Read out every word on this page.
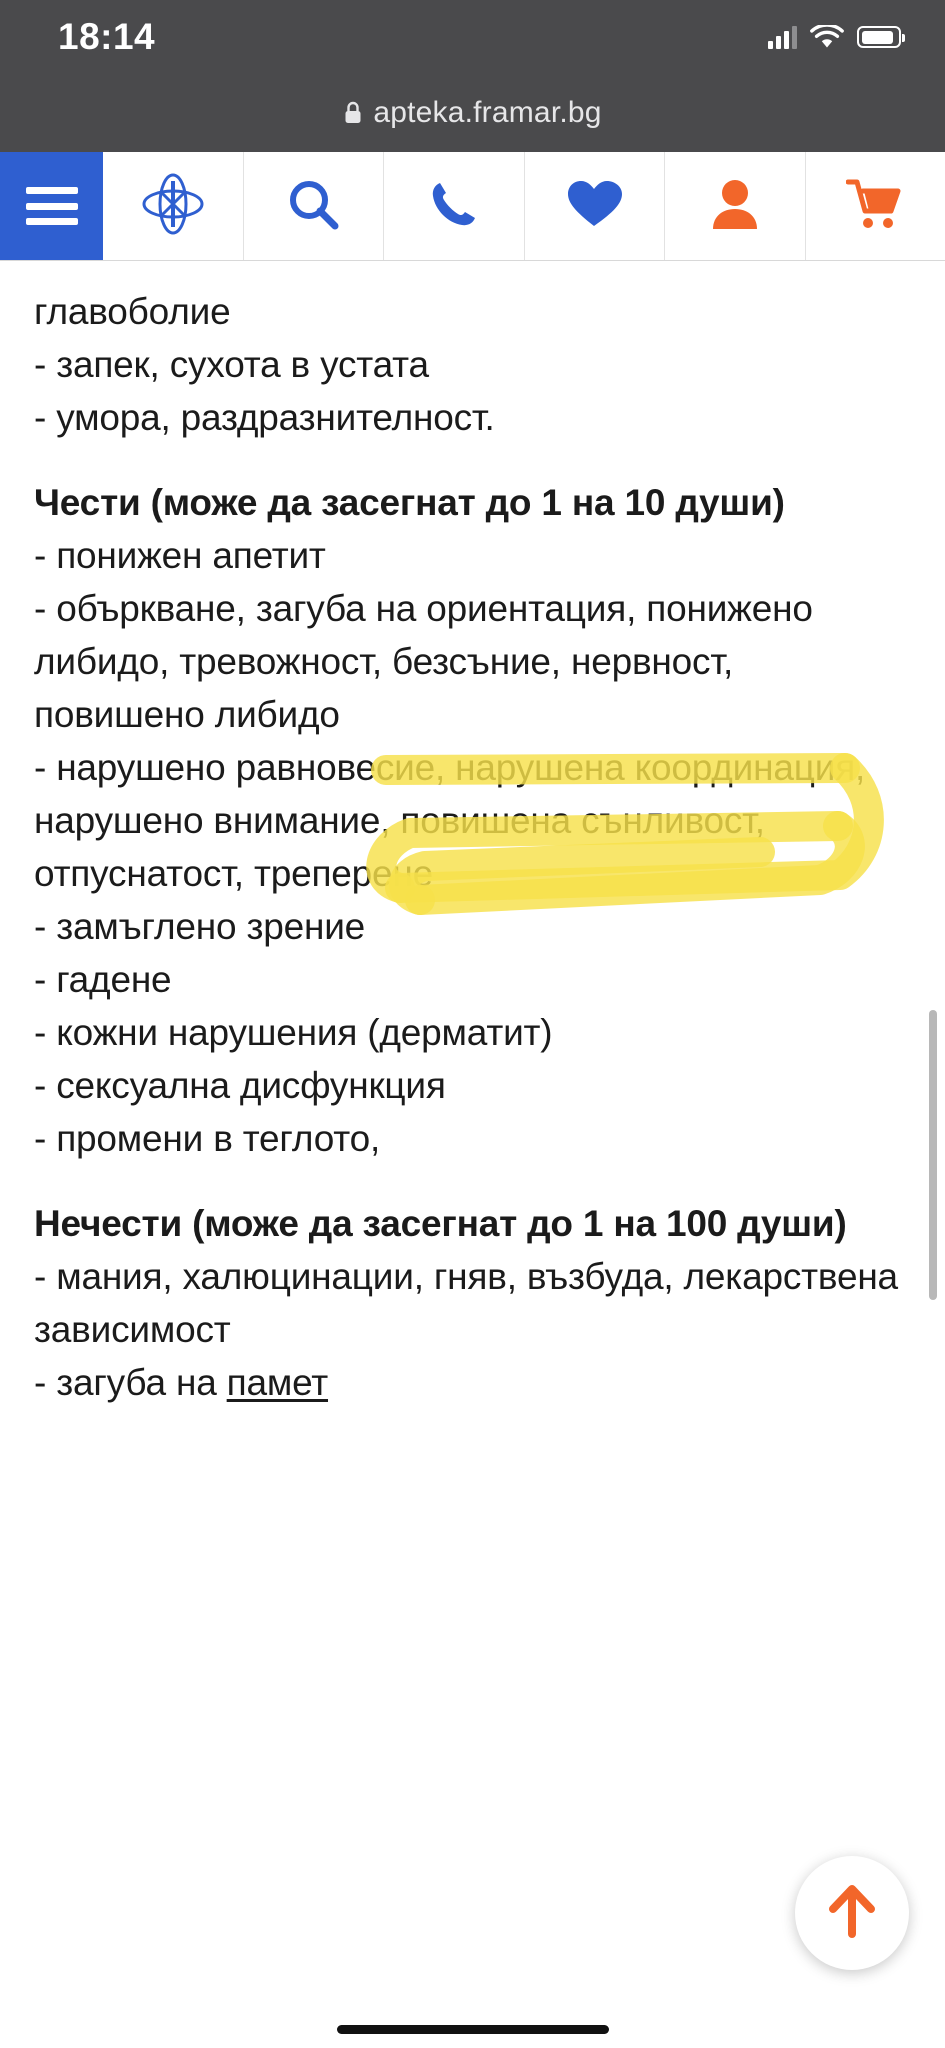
18:14
apteka.framar.bg
главоболие
- запек, сухота в устата
- умора, раздразнителност.
Чести (може да засегнат до 1 на 10 души)
- понижен апетит
- объркване, загуба на ориентация, понижено либидо, тревожност, безсъние, нервност, повишено либидо
- нарушено равновесие, нарушена координация, нарушено внимание, повишена сънливост, отпуснатост, треперене
- замъглено зрение
- гадене
- кожни нарушения (дерматит)
- сексуална дисфункция
- промени в теглото,
Нечести (може да засегнат до 1 на 100 души)
- мания, халюцинации, гняв, възбуда, лекарствена зависимост
- загуба на памет
